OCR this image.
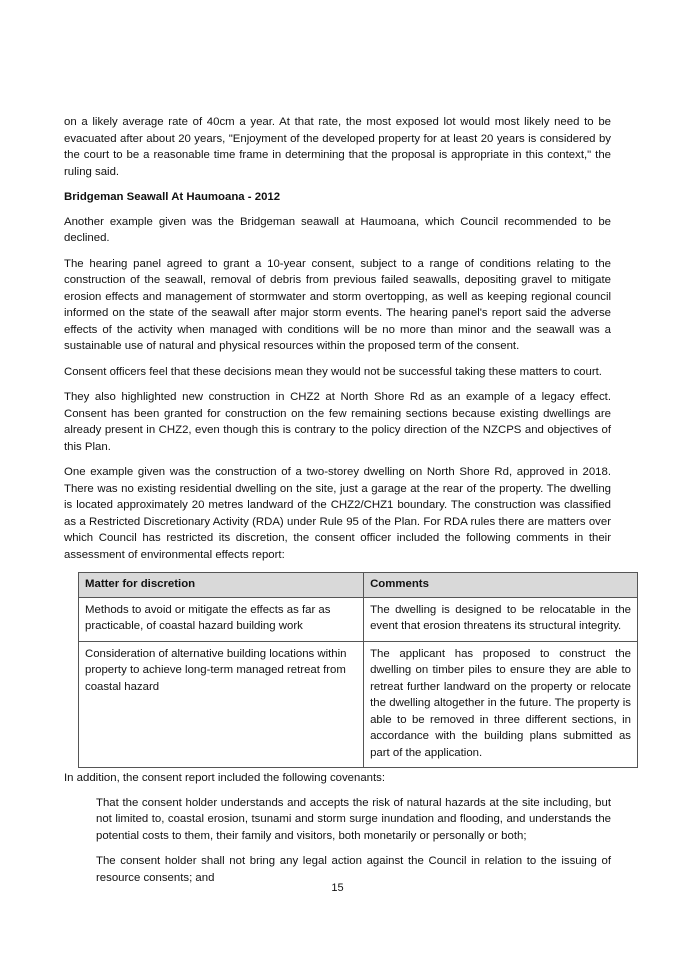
on a likely average rate of 40cm a year. At that rate, the most exposed lot would most likely need to be evacuated after about 20 years, "Enjoyment of the developed property for at least 20 years is considered by the court to be a reasonable time frame in determining that the proposal is appropriate in this context," the ruling said.

Bridgeman Seawall At Haumoana - 2012

Another example given was the Bridgeman seawall at Haumoana, which Council recommended to be declined.

The hearing panel agreed to grant a 10-year consent, subject to a range of conditions relating to the construction of the seawall, removal of debris from previous failed seawalls, depositing gravel to mitigate erosion effects and management of stormwater and storm overtopping, as well as keeping regional council informed on the state of the seawall after major storm events. The hearing panel's report said the adverse effects of the activity when managed with conditions will be no more than minor and the seawall was a sustainable use of natural and physical resources within the proposed term of the consent.

Consent officers feel that these decisions mean they would not be successful taking these matters to court.

They also highlighted new construction in CHZ2 at North Shore Rd as an example of a legacy effect. Consent has been granted for construction on the few remaining sections because existing dwellings are already present in CHZ2, even though this is contrary to the policy direction of the NZCPS and objectives of this Plan.

One example given was the construction of a two-storey dwelling on North Shore Rd, approved in 2018. There was no existing residential dwelling on the site, just a garage at the rear of the property. The dwelling is located approximately 20 metres landward of the CHZ2/CHZ1 boundary. The construction was classified as a Restricted Discretionary Activity (RDA) under Rule 95 of the Plan. For RDA rules there are matters over which Council has restricted its discretion, the consent officer included the following comments in their assessment of environmental effects report:

Matter for discretion	Comments
Methods to avoid or mitigate the effects as far as practicable, of coastal hazard building work	The dwelling is designed to be relocatable in the event that erosion threatens its structural integrity.
Consideration of alternative building locations within property to achieve long-term managed retreat from coastal hazard	The applicant has proposed to construct the dwelling on timber piles to ensure they are able to retreat further landward on the property or relocate the dwelling altogether in the future. The property is able to be removed in three different sections, in accordance with the building plans submitted as part of the application.

In addition, the consent report included the following covenants:

That the consent holder understands and accepts the risk of natural hazards at the site including, but not limited to, coastal erosion, tsunami and storm surge inundation and flooding, and understands the potential costs to them, their family and visitors, both monetarily or personally or both;

The consent holder shall not bring any legal action against the Council in relation to the issuing of resource consents; and

15
